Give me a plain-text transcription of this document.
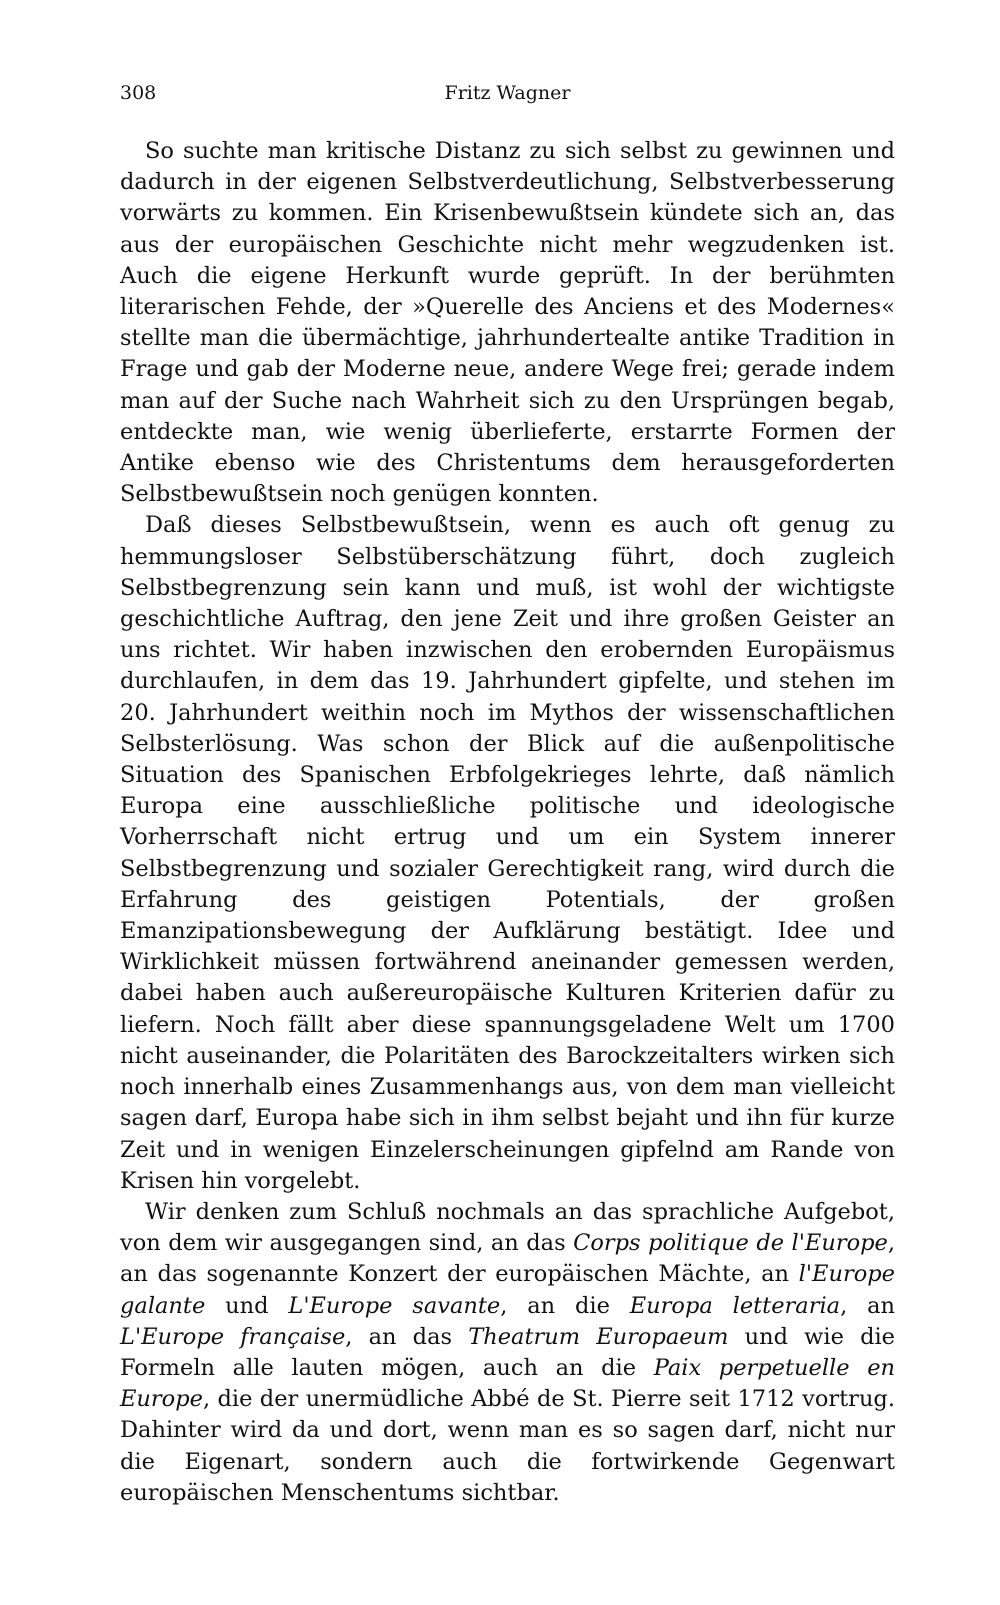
308	Fritz Wagner

So suchte man kritische Distanz zu sich selbst zu gewinnen und dadurch in der eigenen Selbstverdeutlichung, Selbstverbesserung vorwärts zu kommen. Ein Krisenbewußtsein kündete sich an, das aus der europäischen Geschichte nicht mehr wegzudenken ist. Auch die eigene Herkunft wurde geprüft. In der berühmten literarischen Fehde, der »Querelle des Anciens et des Modernes« stellte man die übermächtige, jahrhundertealte antike Tradition in Frage und gab der Moderne neue, andere Wege frei; gerade indem man auf der Suche nach Wahrheit sich zu den Ursprüngen begab, entdeckte man, wie wenig überlieferte, erstarrte Formen der Antike ebenso wie des Christentums dem herausgeforderten Selbstbewußtsein noch genügen konnten.

Daß dieses Selbstbewußtsein, wenn es auch oft genug zu hemmungsloser Selbstüberschätzung führt, doch zugleich Selbstbegrenzung sein kann und muß, ist wohl der wichtigste geschichtliche Auftrag, den jene Zeit und ihre großen Geister an uns richtet. Wir haben inzwischen den erobernden Europäismus durchlaufen, in dem das 19. Jahrhundert gipfelte, und stehen im 20. Jahrhundert weithin noch im Mythos der wissenschaftlichen Selbsterlösung. Was schon der Blick auf die außenpolitische Situation des Spanischen Erbfolgekrieges lehrte, daß nämlich Europa eine ausschließliche politische und ideologische Vorherrschaft nicht ertrug und um ein System innerer Selbstbegrenzung und sozialer Gerechtigkeit rang, wird durch die Erfahrung des geistigen Potentials, der großen Emanzipationsbewegung der Aufklärung bestätigt. Idee und Wirklichkeit müssen fortwährend aneinander gemessen werden, dabei haben auch außereuropäische Kulturen Kriterien dafür zu liefern. Noch fällt aber diese spannungsgeladene Welt um 1700 nicht auseinander, die Polaritäten des Barockzeitalters wirken sich noch innerhalb eines Zusammenhangs aus, von dem man vielleicht sagen darf, Europa habe sich in ihm selbst bejaht und ihn für kurze Zeit und in wenigen Einzelerscheinungen gipfelnd am Rande von Krisen hin vorgelebt.

Wir denken zum Schluß nochmals an das sprachliche Aufgebot, von dem wir ausgegangen sind, an das Corps politique de l'Europe, an das sogenannte Konzert der europäischen Mächte, an l'Europe galante und L'Europe savante, an die Europa letteraria, an L'Europe française, an das Theatrum Europaeum und wie die Formeln alle lauten mögen, auch an die Paix perpetuelle en Europe, die der unermüdliche Abbé de St. Pierre seit 1712 vortrug. Dahinter wird da und dort, wenn man es so sagen darf, nicht nur die Eigenart, sondern auch die fortwirkende Gegenwart europäischen Menschentums sichtbar.
